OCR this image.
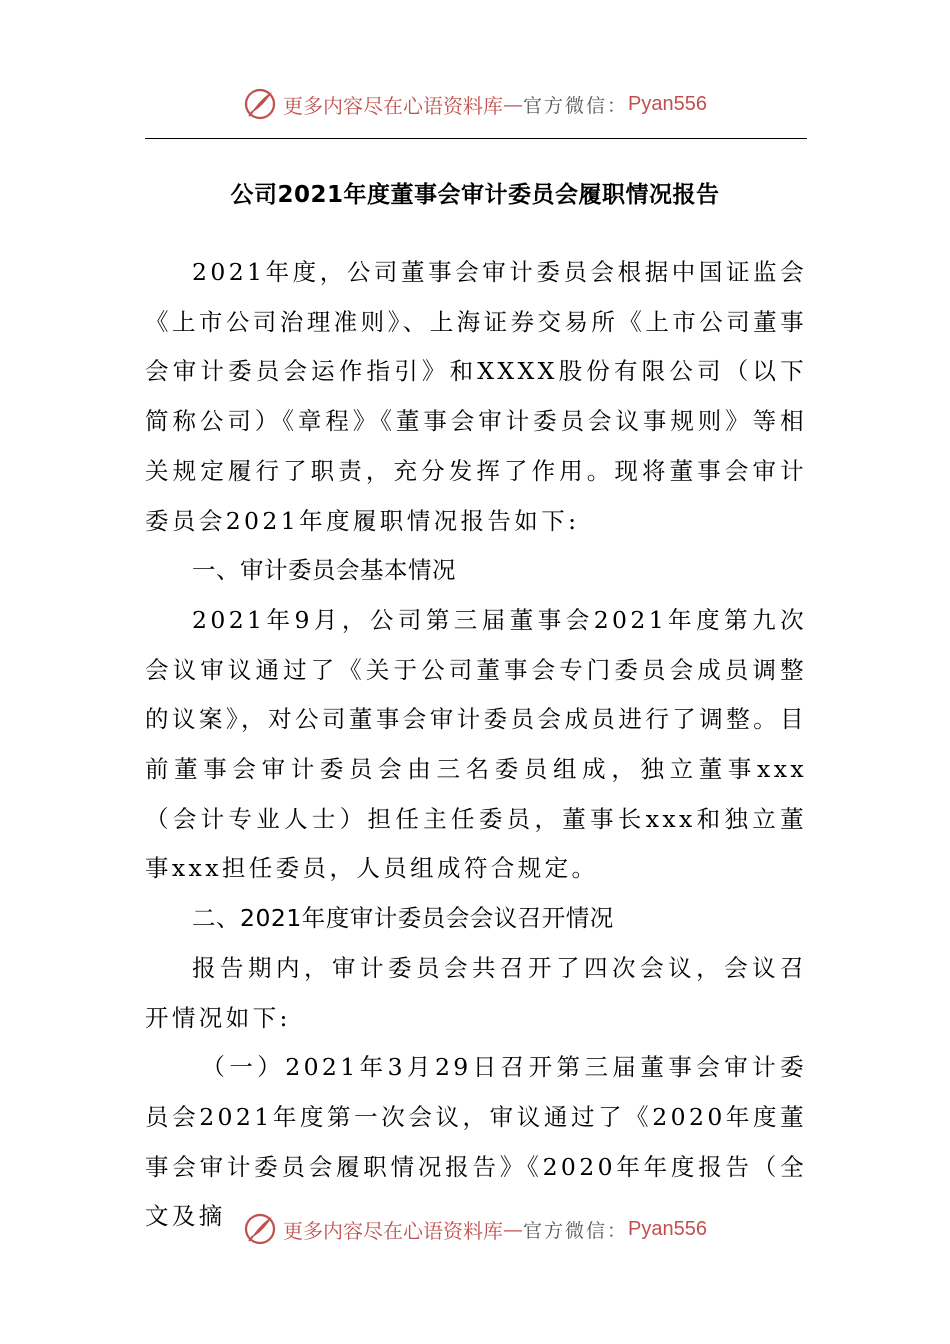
更多内容尽在心语资料库 — 官方微信： Pyan556
公司2021年度董事会审计委员会履职情况报告

2021年度，公司董事会审计委员会根据中国证监会《上市公司治理准则》、上海证券交易所《上市公司董事会审计委员会运作指引》和XXXX股份有限公司（以下简称公司）《章程》《董事会审计委员会议事规则》等相关规定履行了职责，充分发挥了作用。现将董事会审计委员会2021年度履职情况报告如下:

一、审计委员会基本情况

2021年9月，公司第三届董事会2021年度第九次会议审议通过了《关于公司董事会专门委员会成员调整的议案》，对公司董事会审计委员会成员进行了调整。目前董事会审计委员会由三名委员组成，独立董事xxx（会计专业人士）担任主任委员，董事长xxx和独立董事xxx担任委员，人员组成符合规定。

二、2021年度审计委员会会议召开情况

报告期内，审计委员会共召开了四次会议，会议召开情况如下:

（一）2021年3月29日召开第三届董事会审计委员会2021年度第一次会议，审议通过了《2020年度董事会审计委员会履职情况报告》《2020年年度报告（全文及摘

更多内容尽在心语资料库 — 官方微信： Pyan556
